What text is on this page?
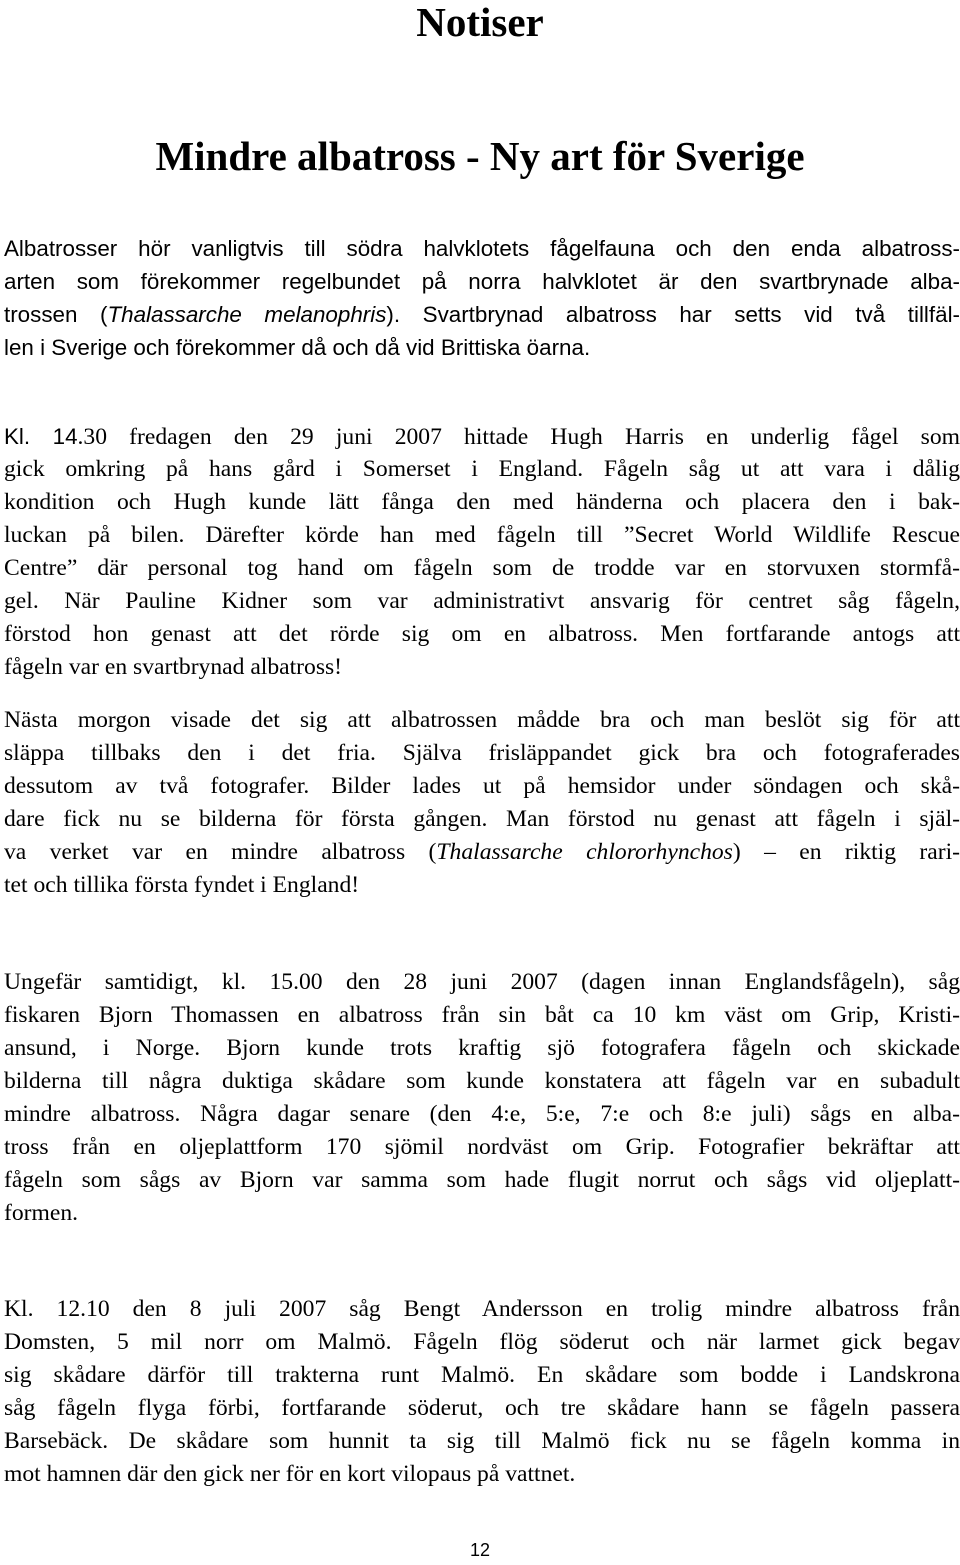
Notiser
Mindre albatross - Ny art för Sverige
Albatrosser hör vanligtvis till södra halvklotets fågelfauna och den enda albatross-
arten som förekommer regelbundet på norra halvklotet är den svartbrynade alba-
trossen (Thalassarche melanophris). Svartbrynad albatross har setts vid två tillfäl-
len i Sverige och förekommer då och då vid Brittiska öarna.
Kl. 14.30 fredagen den 29 juni 2007 hittade Hugh Harris en underlig fågel som
gick omkring på hans gård i Somerset i England. Fågeln såg ut att vara i dålig
kondition och Hugh kunde lätt fånga den med händerna och placera den i bak-
luckan på bilen. Därefter körde han med fågeln till ”Secret World Wildlife Rescue
Centre” där personal tog hand om fågeln som de trodde var en storvuxen stormfå-
gel. När Pauline Kidner som var administrativt ansvarig för centret såg fågeln,
förstod hon genast att det rörde sig om en albatross. Men fortfarande antogs att
fågeln var en svartbrynad albatross!
Nästa morgon visade det sig att albatrossen mådde bra och man beslöt sig för att
släppa tillbaks den i det fria. Själva frisläppandet gick bra och fotograferades
dessutom av två fotografer. Bilder lades ut på hemsidor under söndagen och skå-
dare fick nu se bilderna för första gången. Man förstod nu genast att fågeln i själ-
va verket var en mindre albatross (Thalassarche chlororhynchos) – en riktig rari-
tet och tillika första fyndet i England!
Ungefär samtidigt, kl. 15.00 den 28 juni 2007 (dagen innan Englandsfågeln), såg
fiskaren Bjorn Thomassen en albatross från sin båt ca 10 km väst om Grip, Kristi-
ansund, i Norge. Bjorn kunde trots kraftig sjö fotografera fågeln och skickade
bilderna till några duktiga skådare som kunde konstatera att fågeln var en subadult
mindre albatross. Några dagar senare (den 4:e, 5:e, 7:e och 8:e juli) sågs en alba-
tross från en oljeplattform 170 sjömil nordväst om Grip. Fotografier bekräftar att
fågeln som sågs av Bjorn var samma som hade flugit norrut och sågs vid oljeplatt-
formen.
Kl. 12.10 den 8 juli 2007 såg Bengt Andersson en trolig mindre albatross från
Domsten, 5 mil norr om Malmö. Fågeln flög söderut och när larmet gick begav
sig skådare därför till trakterna runt Malmö. En skådare som bodde i Landskrona
såg fågeln flyga förbi, fortfarande söderut, och tre skådare hann se fågeln passera
Barsebäck. De skådare som hunnit ta sig till Malmö fick nu se fågeln komma in
mot hamnen där den gick ner för en kort vilopaus på vattnet.
12
